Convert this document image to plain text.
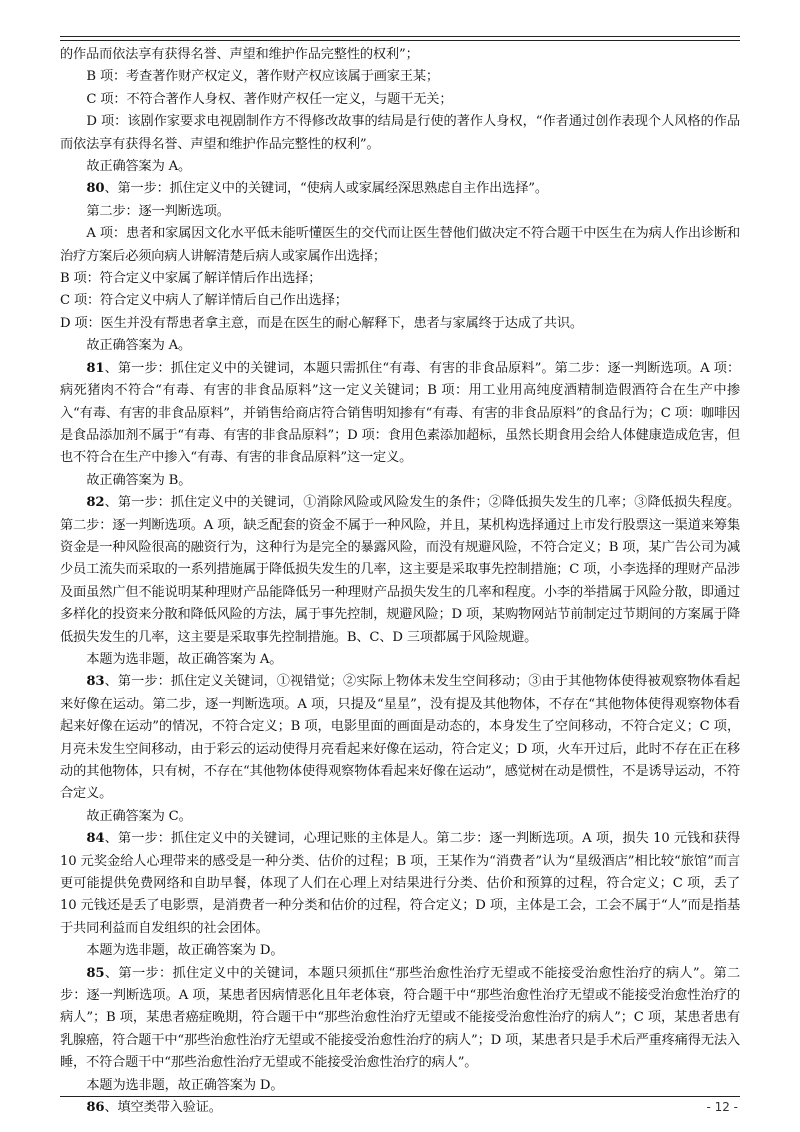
的作品而依法享有获得名誉、声望和维护作品完整性的权利”；

B 项：考查著作财产权定义，著作财产权应该属于画家王某；

C 项：不符合著作人身权、著作财产权任一定义，与题干无关；

D 项：该剧作家要求电视剧制作方不得修改故事的结局是行使的著作人身权，“作者通过创作表现个人风格的作品而依法享有获得名誉、声望和维护作品完整性的权利”。

故正确答案为 A。

80、第一步：抓住定义中的关键词，“使病人或家属经深思熟虑自主作出选择”。

第二步：逐一判断选项。

A 项：患者和家属因文化水平低未能听懂医生的交代而让医生替他们做决定不符合题干中医生在为病人作出诊断和治疗方案后必须向病人讲解清楚后病人或家属作出选择；

B 项：符合定义中家属了解详情后作出选择；

C 项：符合定义中病人了解详情后自己作出选择；

D 项：医生并没有帮患者拿主意，而是在医生的耐心解释下，患者与家属终于达成了共识。

故正确答案为 A。

81、第一步：抓住定义中的关键词，本题只需抓住“有毒、有害的非食品原料”。第二步：逐一判断选项。A 项：病死猪肉不符合“有毒、有害的非食品原料”这一定义关键词；B 项：用工业用高纯度酒精制造假酒符合在生产中掺入“有毒、有害的非食品原料”，并销售给商店符合销售明知掺有“有毒、有害的非食品原料”的食品行为；C 项：咖啡因是食品添加剂不属于“有毒、有害的非食品原料”；D 项：食用色素添加超标，虽然长期食用会给人体健康造成危害，但也不符合在生产中掺入“有毒、有害的非食品原料”这一定义。

故正确答案为 B。

82、第一步：抓住定义中的关键词，①消除风险或风险发生的条件；②降低损失发生的几率；③降低损失程度。第二步：逐一判断选项。A 项，缺乏配套的资金不属于一种风险，并且，某机构选择通过上市发行股票这一渠道来筹集资金是一种风险很高的融资行为，这种行为是完全的暴露风险，而没有规避风险，不符合定义；B 项，某广告公司为减少员工流失而采取的一系列措施属于降低损失发生的几率，这主要是采取事先控制措施；C 项，小李选择的理财产品涉及面虽然广但不能说明某种理财产品能降低另一种理财产品损失发生的几率和程度。小李的举措属于风险分散，即通过多样化的投资来分散和降低风险的方法，属于事先控制，规避风险；D 项，某购物网站节前制定过节期间的方案属于降低损失发生的几率，这主要是采取事先控制措施。B、C、D 三项都属于风险规避。

本题为选非题，故正确答案为 A。

83、第一步：抓住定义关键词，①视错觉；②实际上物体未发生空间移动；③由于其他物体使得被观察物体看起来好像在运动。第二步，逐一判断选项。A 项，只提及“星星”，没有提及其他物体，不存在“其他物体使得观察物体看起来好像在运动”的情况，不符合定义；B 项，电影里面的画面是动态的，本身发生了空间移动，不符合定义；C 项，月亮未发生空间移动，由于彩云的运动使得月亮看起来好像在运动，符合定义；D 项，火车开过后，此时不存在正在移动的其他物体，只有树，不存在“其他物体使得观察物体看起来好像在运动”，感觉树在动是惯性，不是诱导运动，不符合定义。

故正确答案为 C。

84、第一步：抓住定义中的关键词，心理记账的主体是人。第二步：逐一判断选项。A 项，损失 10 元钱和获得 10 元奖金给人心理带来的感受是一种分类、估价的过程；B 项，王某作为“消费者”认为“星级酒店”相比较“旅馆”而言更可能提供免费网络和自助早餐，体现了人们在心理上对结果进行分类、估价和预算的过程，符合定义；C 项，丢了 10 元钱还是丢了电影票，是消费者一种分类和估价的过程，符合定义；D 项，主体是工会，工会不属于“人”而是指基于共同利益而自发组织的社会团体。

本题为选非题，故正确答案为 D。

85、第一步：抓住定义中的关键词，本题只须抓住“那些治愈性治疗无望或不能接受治愈性治疗的病人”。第二步：逐一判断选项。A 项，某患者因病情恶化且年老体衰，符合题干中“那些治愈性治疗无望或不能接受治愈性治疗的病人”；B 项，某患者癌症晚期，符合题干中“那些治愈性治疗无望或不能接受治愈性治疗的病人”；C 项，某患者患有乳腺癌，符合题干中“那些治愈性治疗无望或不能接受治愈性治疗的病人”；D 项，某患者只是手术后严重疼痛得无法入睡，不符合题干中“那些治愈性治疗无望或不能接受治愈性治疗的病人”。

本题为选非题，故正确答案为 D。

86、填空类带入验证。	- 12 -
